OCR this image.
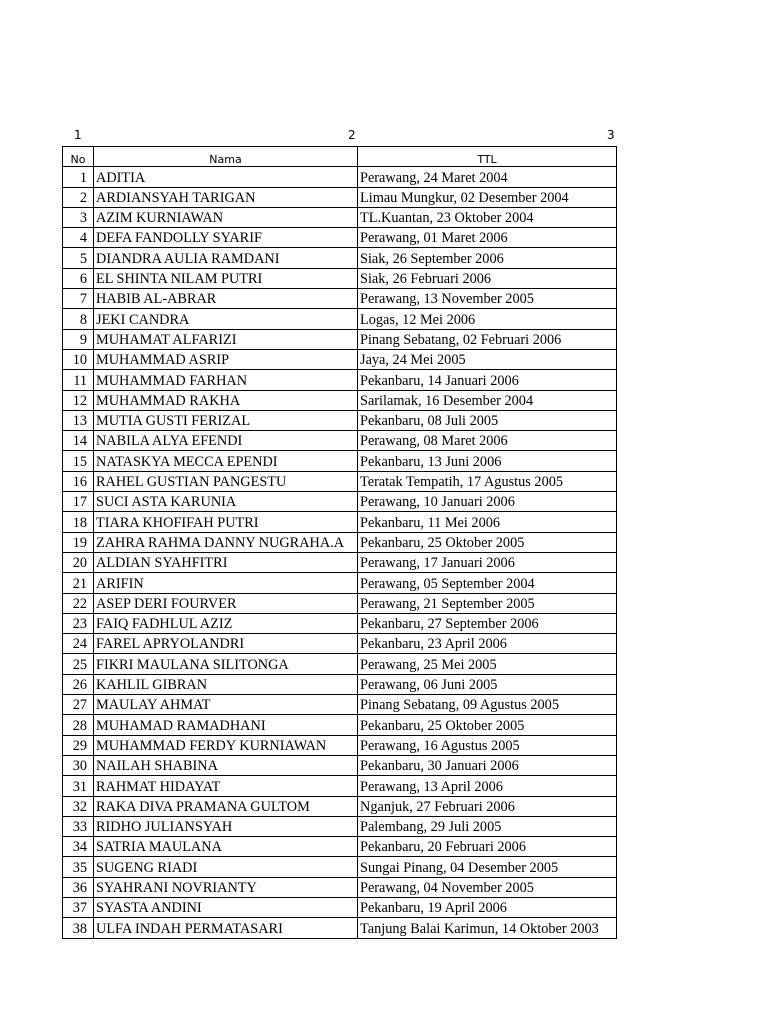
1	2	3
No	Nama	TTL
1	ADITIA	Perawang, 24 Maret 2004
2	ARDIANSYAH TARIGAN	Limau Mungkur, 02 Desember 2004
3	AZIM KURNIAWAN	TL.Kuantan, 23 Oktober 2004
4	DEFA FANDOLLY SYARIF	Perawang, 01 Maret 2006
5	DIANDRA AULIA RAMDANI	Siak, 26 September 2006
6	EL SHINTA NILAM PUTRI	Siak, 26 Februari 2006
7	HABIB AL-ABRAR	Perawang, 13 November 2005
8	JEKI CANDRA	Logas, 12 Mei 2006
9	MUHAMAT ALFARIZI	Pinang Sebatang, 02 Februari 2006
10	MUHAMMAD ASRIP	Jaya, 24 Mei 2005
11	MUHAMMAD FARHAN	Pekanbaru, 14 Januari 2006
12	MUHAMMAD RAKHA	Sarilamak, 16 Desember 2004
13	MUTIA GUSTI FERIZAL	Pekanbaru, 08 Juli 2005
14	NABILA ALYA EFENDI	Perawang, 08 Maret 2006
15	NATASKYA MECCA EPENDI	Pekanbaru, 13 Juni 2006
16	RAHEL GUSTIAN PANGESTU	Teratak Tempatih, 17 Agustus 2005
17	SUCI ASTA KARUNIA	Perawang, 10 Januari 2006
18	TIARA KHOFIFAH PUTRI	Pekanbaru, 11 Mei 2006
19	ZAHRA RAHMA DANNY NUGRAHA.A	Pekanbaru, 25 Oktober 2005
20	ALDIAN SYAHFITRI	Perawang, 17 Januari 2006
21	ARIFIN	Perawang, 05 September 2004
22	ASEP DERI FOURVER	Perawang, 21 September 2005
23	FAIQ FADHLUL AZIZ	Pekanbaru, 27 September 2006
24	FAREL APRYOLANDRI	Pekanbaru, 23 April 2006
25	FIKRI MAULANA SILITONGA	Perawang, 25 Mei 2005
26	KAHLIL GIBRAN	Perawang, 06 Juni 2005
27	MAULAY AHMAT	Pinang Sebatang, 09 Agustus 2005
28	MUHAMAD RAMADHANI	Pekanbaru, 25 Oktober 2005
29	MUHAMMAD FERDY KURNIAWAN	Perawang, 16 Agustus 2005
30	NAILAH SHABINA	Pekanbaru, 30 Januari 2006
31	RAHMAT HIDAYAT	Perawang, 13 April 2006
32	RAKA DIVA PRAMANA GULTOM	Nganjuk, 27 Februari 2006
33	RIDHO JULIANSYAH	Palembang, 29 Juli 2005
34	SATRIA MAULANA	Pekanbaru, 20 Februari 2006
35	SUGENG RIADI	Sungai Pinang, 04 Desember 2005
36	SYAHRANI NOVRIANTY	Perawang, 04 November 2005
37	SYASTA ANDINI	Pekanbaru, 19 April 2006
38	ULFA INDAH PERMATASARI	Tanjung Balai Karimun, 14 Oktober 2003
